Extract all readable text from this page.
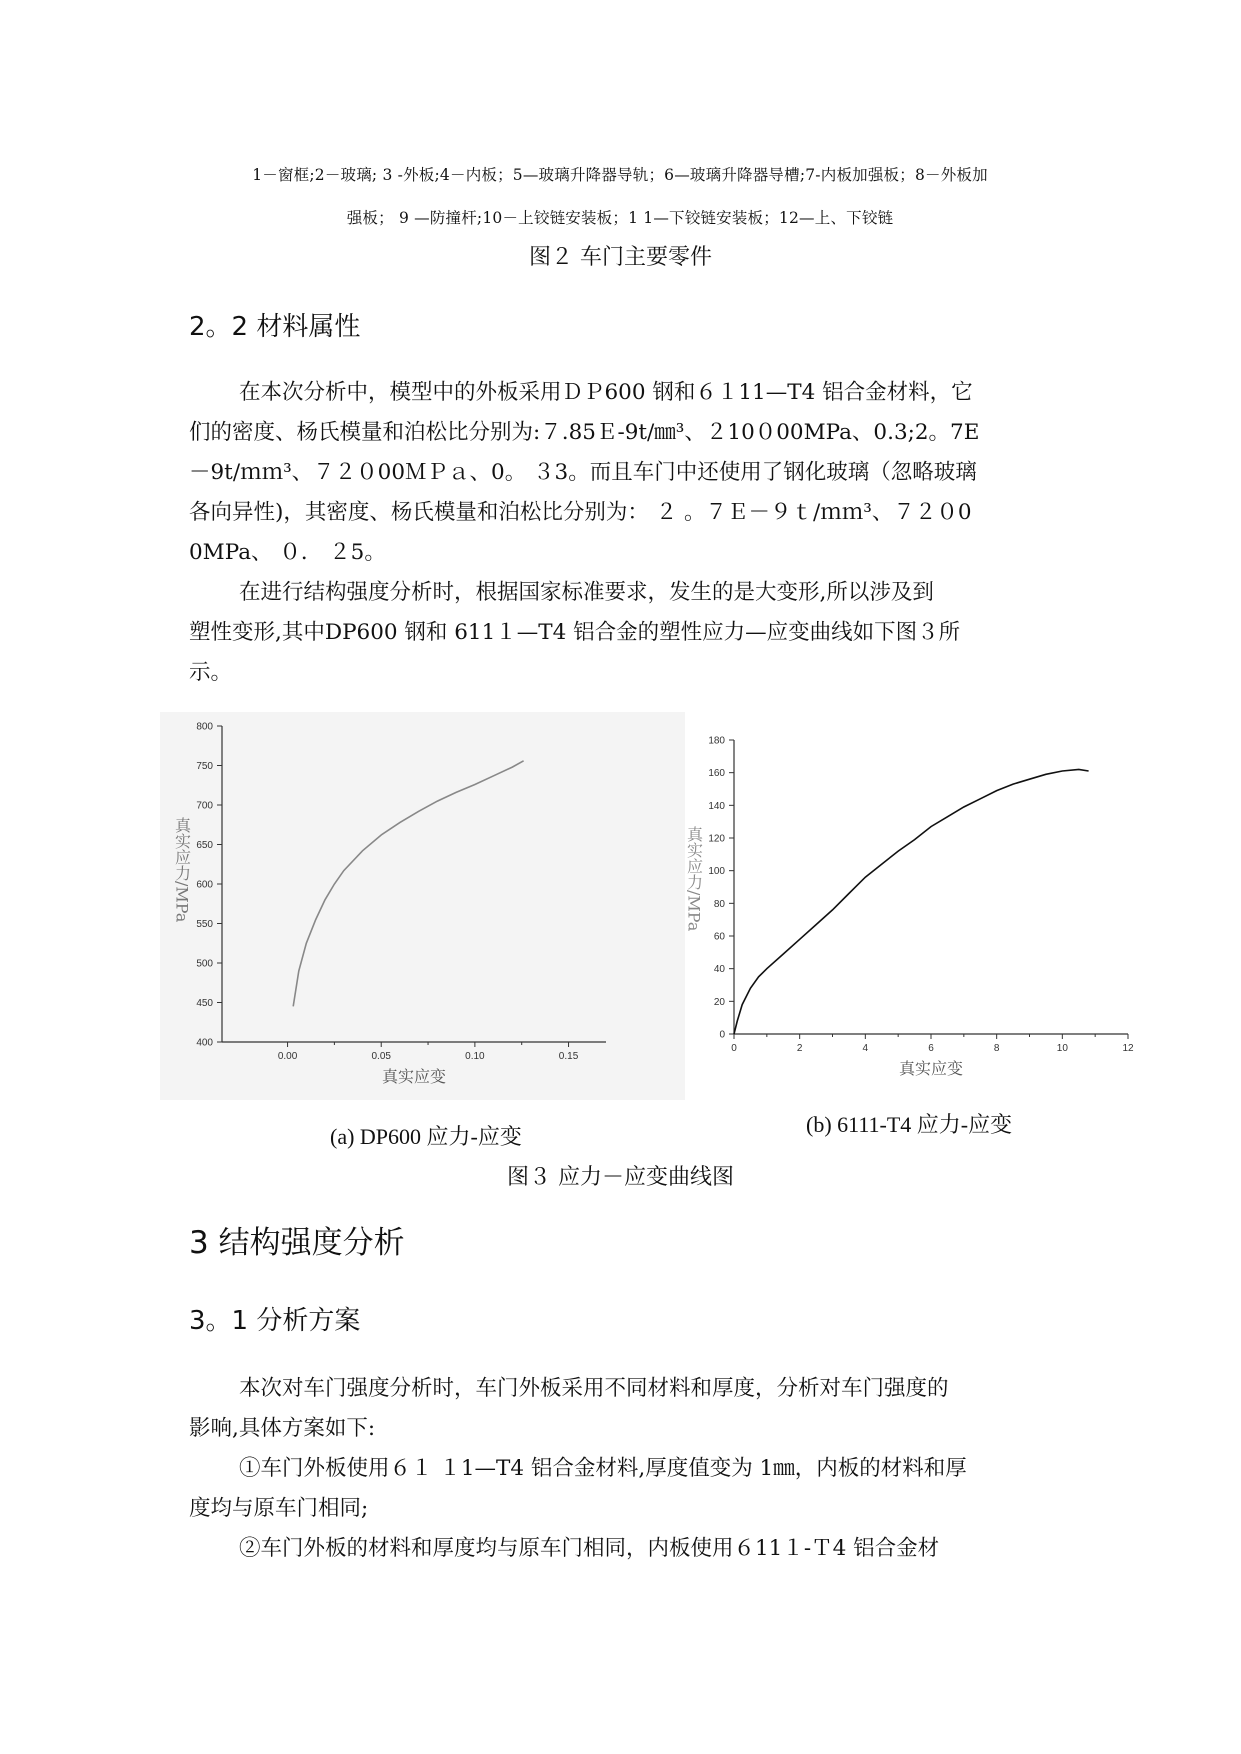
1－窗框;2－玻璃; 3 -外板;4－内板；5—玻璃升降器导轨；6—玻璃升降器导槽;7-内板加强板；8－外板加
强板； 9 —防撞杆;10－上铰链安装板；1 1—下铰链安装板；12—上、下铰链
图２ 车门主要零件
2。2 材料属性
在本次分析中，模型中的外板采用ＤＰ600 钢和６１11—T4 铝合金材料，它
们的密度、杨氏模量和泊松比分别为:７.85Ｅ-9t/㎜³、２10０00MPa、0.3;2。7E
－9t/ｍｍ³、７２０00ＭＰａ、0。 ３3。而且车门中还使用了钢化玻璃（忽略玻璃
各向异性)，其密度、杨氏模量和泊松比分别为： ２ 。７Ｅ－９ｔ/ｍｍ³、７２０0
0MPa、 ０． ２5。
在进行结构强度分析时，根据国家标准要求，发生的是大变形,所以涉及到
塑性变形,其中DP600 钢和 611１—T4 铝合金的塑性应力—应变曲线如下图３所
示。
400
450
500
550
600
650
700
750
800
0.00	0.05	0.10	0.15
真实应变
真实应力/MPa
0
20
40
60
80
100
120
140
160
180
0	2	4	6	8	10	12
真实应变
真实应力/MPa
(a) DP600 应力-应变	(b) 6111-T4 应力-应变
图３ 应力－应变曲线图
3 结构强度分析
3。1 分析方案
本次对车门强度分析时，车门外板采用不同材料和厚度，分析对车门强度的
影响,具体方案如下:
①车门外板使用６１ １1—T4 铝合金材料,厚度值变为 1㎜，内板的材料和厚
度均与原车门相同;
②车门外板的材料和厚度均与原车门相同，内板使用６11１-Ｔ4 铝合金材
